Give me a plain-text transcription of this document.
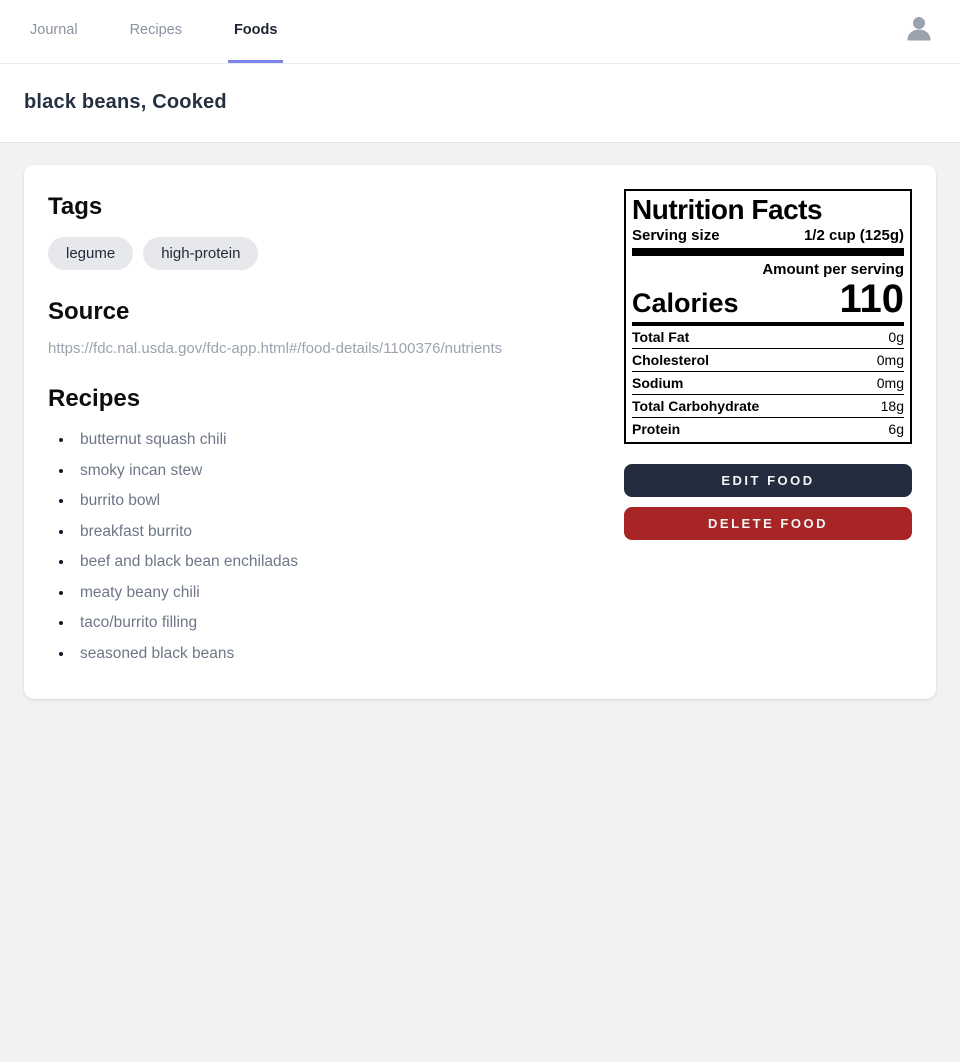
Journal	Recipes	Foods
black beans, Cooked
Tags
legume	high-protein
Source
https://fdc.nal.usda.gov/fdc-app.html#/food-details/1100376/nutrients
Recipes
• butternut squash chili
• smoky incan stew
• burrito bowl
• breakfast burrito
• beef and black bean enchiladas
• meaty beany chili
• taco/burrito filling
• seasoned black beans
Nutrition Facts
Serving size	1/2 cup (125g)
Amount per serving
Calories	110
Total Fat	0g
Cholesterol	0mg
Sodium	0mg
Total Carbohydrate	18g
Protein	6g
EDIT FOOD
DELETE FOOD
